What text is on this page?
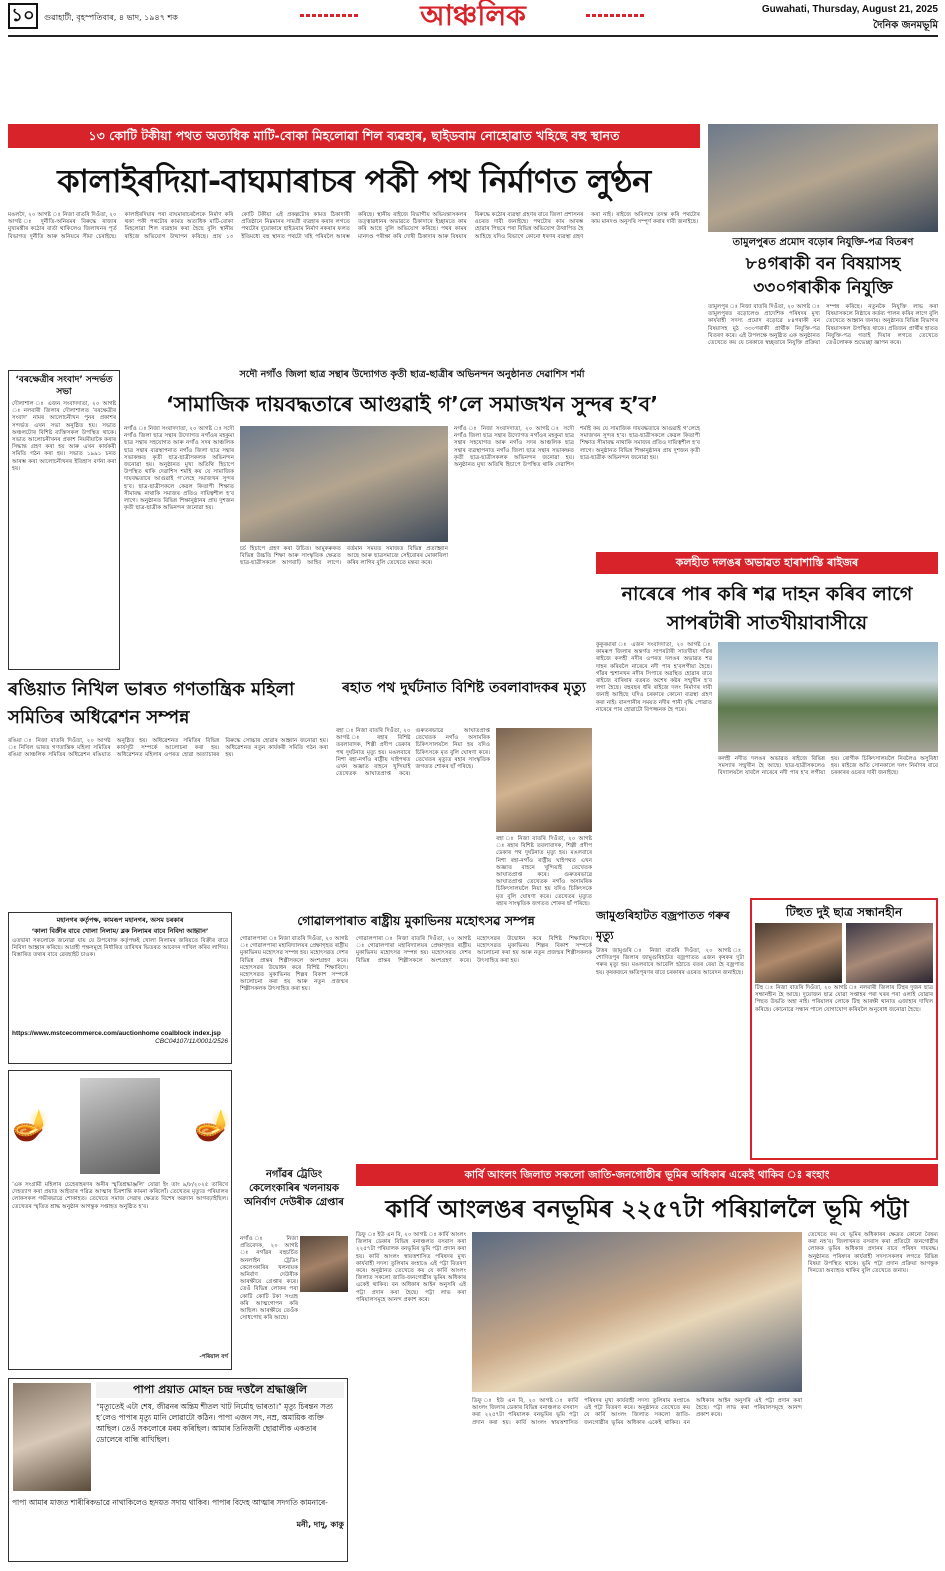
১০	গুৱাহাটী, বৃহস্পতিবাৰ, ৪ ভাদ, ১৯৪৭ শক	আঞ্চলিক	Guwahati, Thursday, August 21, 2025
দৈনিক জনমভূমি
১৩ কোটি টকীয়া পথত অত্যধিক মাটি-বোকা মিহলোৱা শিল ব্যৱহাৰ, ছাইডবাম নোহোৱাত খহিছে বহু স্থানত
কালাইৰদিয়া-বাঘমাৰাচৰ পকী পথ নিৰ্মাণত লুণ্ঠন
মঙলদৈ, ২০ আগষ্ট ঃ নিজা বাতৰি দিওঁতা, ২০ আগষ্ট ঃ দুৰ্নীতি-অনিয়মৰ বিৰুদ্ধে ৰাজ্যৰ মুখ্যমন্ত্ৰীৰ কঠোৰ বাৰ্তা থাকিলেও জিলাখনৰ পূৰ্ত বিভাগত দুৰ্নীতি আৰু অনিয়মে সীমা চেৰাইছে। কালাইৰদিয়াৰ পৰা বাঘমাৰাচৰলৈকে নিৰ্মাণ কৰি থকা পকী পথটোৰ কামত অত্যধিক মাটি-বোকা মিহলোৱা শিল ব্যৱহাৰ কৰা হৈছে বুলি স্থানীয় ৰাইজে অভিযোগ উত্থাপন কৰিছে। প্ৰায় ১৩ কোটি টকীয়া এই প্ৰকল্পটোৰ কামত ঠিকাদাৰী প্ৰতিষ্ঠানে নিম্নমানৰ সামগ্ৰী ব্যৱহাৰ কৰাৰ লগতে পথটোৰ দুয়োকাষে ছাইডবাম নিৰ্মাণ নকৰাৰ ফলত ইতিমধ্যে বহু স্থানত পথটো খহি পৰিবলৈ আৰম্ভ কৰিছে। স্থানীয় ৰাইজে বিভাগীয় অভিযন্তাসকলৰ তত্ত্বাৱধানৰ অভাৱতে ঠিকাদাৰে ইচ্ছামতে কাম কৰি আছে বুলি অভিযোগ কৰিছে। পথৰ কামৰ মানদণ্ড পৰীক্ষা কৰি দোষী ঠিকাদাৰ আৰু বিষয়াৰ বিৰুদ্ধে কঠোৰ ব্যৱস্থা গ্ৰহণৰ বাবে জিলা প্ৰশাসনৰ ওচৰত দাবী জনাইছে। পথটোৰ কাম আৰম্ভ হোৱাৰ পিছৰে পৰা বিভিন্ন অভিযোগ উত্থাপিত হৈ আহিছে যদিও বিভাগে কোনো ধৰণৰ ব্যৱস্থা গ্ৰহণ কৰা নাই। ৰাইজে অবিলম্বে তদন্ত কৰি পথটোৰ কাম মানদণ্ড অনুসৰি সম্পূৰ্ণ কৰাৰ দাবী জনাইছে।
তামুলপুৰত প্ৰমোদ বড়োৰ নিযুক্তি-পত্ৰ বিতৰণ
৮৪গৰাকী বন বিষয়াসহ ৩৩০গৰাকীক নিযুক্তি
তামুলপুৰ ঃ নিজা বাতৰি দিওঁতা, ২০ আগষ্ট ঃ তামুলপুৰত বড়োলেণ্ড প্ৰাদেশিক পৰিষদৰ মুখ্য কাৰ্যবাহী সদস্য প্ৰমোদ বড়োৱে ৮৪গৰাকী বন বিষয়াসহ মুঠ ৩৩০গৰাকী প্ৰাৰ্থীক নিযুক্তি-পত্ৰ বিতৰণ কৰে। এই উপলক্ষে অনুষ্ঠিত এক অনুষ্ঠানত তেখেতে কয় যে চৰকাৰে স্বচ্ছতাৰে নিযুক্তি প্ৰক্ৰিয়া সম্পন্ন কৰিছে। নতুনকৈ নিযুক্তি লাভ কৰা বিষয়াসকলে নিষ্ঠাৰে কৰ্তব্য পালন কৰিব লাগে বুলি তেখেতে আহ্বান জনায়। অনুষ্ঠানত বিভিন্ন বিভাগৰ বিষয়াসকল উপস্থিত থাকে। প্ৰতিজন প্ৰাৰ্থীৰ হাতত নিযুক্তি-পত্ৰ গতাই দিয়াৰ লগতে তেখেতে তেওঁলোকক শুভেচ্ছা জ্ঞাপন কৰে।
‘বৰক্ষেত্ৰীৰ সংবাদ’ সন্দৰ্ভত সভা
দৌলাশাল ঃ এজন সংবাদদাতা, ২০ আগষ্ট ঃ নলবাৰী জিলাৰ দৌলাশালত ‘বৰক্ষেত্ৰীৰ সংবাদ’ নামৰ আলোচনীখন পুনৰ প্ৰকাশৰ সন্দৰ্ভত এখন সভা অনুষ্ঠিত হয়। সভাত অঞ্চলটোৰ বিশিষ্ট ব্যক্তিসকল উপস্থিত থাকে। সভাত আলোচনীখনৰ প্ৰকাশ নিয়মীয়াকৈ কৰাৰ সিদ্ধান্ত গ্ৰহণ কৰা হয় আৰু এখন কাৰ্যকৰী সমিতি গঠন কৰা হয়। সভাত ১৯৯১ চনত আৰম্ভ কৰা আলোচনীখনৰ ইতিহাস বৰ্ণনা কৰা হয়।
সদৌ নগাঁও জিলা ছাত্ৰ সন্থাৰ উদ্যোগত কৃতী ছাত্ৰ-ছাত্ৰীৰ অভিনন্দন অনুষ্ঠানত দেৱাশিস শৰ্মা
‘সামাজিক দায়বদ্ধতাৰে আগুৱাই গ’লে সমাজখন সুন্দৰ হ’ব’
নগাঁও ঃ নিজা সংবাদদাতা, ২০ আগষ্ট ঃ সদৌ নগাঁও জিলা ছাত্ৰ সন্থাৰ উদ্যোগত নগাঁওৰ মহকুমা ছাত্ৰ সন্থাৰ সহযোগত আৰু নগাঁও সদৰ আঞ্চলিক ছাত্ৰ সন্থাৰ ব্যৱস্থাপনাত নগাঁও জিলা ছাত্ৰ সন্থাৰ সভাকক্ষত কৃতী ছাত্ৰ-ছাত্ৰীসকলক অভিনন্দন জনোৱা হয়। অনুষ্ঠানত মুখ্য অতিথি হিচাপে উপস্থিত থাকি দেৱাশিস শৰ্মাই কয় যে সামাজিক দায়বদ্ধতাৰে আগুৱাই গ’লেহে সমাজখন সুন্দৰ হ’ব। ছাত্ৰ-ছাত্ৰীসকলে কেৱল কিতাপী শিক্ষাত সীমাবদ্ধ নাথাকি সমাজৰ প্ৰতিও দায়িত্বশীল হ’ব লাগে। অনুষ্ঠানত বিভিন্ন শিক্ষানুষ্ঠানৰ প্ৰায় দুশজন কৃতী ছাত্ৰ-ছাত্ৰীক অভিনন্দন জনোৱা হয়।
চৰ্চ হিচাপে গ্ৰহণ কৰা উচিত। আমুকৰুকত বিভিন্ন উচ্চতি শিক্ষা আৰু সাংস্কৃতিক ক্ষেত্ৰত ছাত্ৰ-ছাত্ৰীসকলে আগবাঢ়ি আহিব লাগে। বৰ্তমান সময়ত সমাজত বিভিন্ন প্ৰত্যাহ্বান আছে আৰু ছাত্ৰসমাজে সেইবোৰৰ মোকাবিলা কৰিব লাগিব বুলি তেখেতে মন্তব্য কৰে।
নগাঁও ঃ নিজা সংবাদদাতা, ২০ আগষ্ট ঃ সদৌ নগাঁও জিলা ছাত্ৰ সন্থাৰ উদ্যোগত নগাঁওৰ মহকুমা ছাত্ৰ সন্থাৰ সহযোগত আৰু নগাঁও সদৰ আঞ্চলিক ছাত্ৰ সন্থাৰ ব্যৱস্থাপনাত নগাঁও জিলা ছাত্ৰ সন্থাৰ সভাকক্ষত কৃতী ছাত্ৰ-ছাত্ৰীসকলক অভিনন্দন জনোৱা হয়। অনুষ্ঠানত মুখ্য অতিথি হিচাপে উপস্থিত থাকি দেৱাশিস শৰ্মাই কয় যে সামাজিক দায়বদ্ধতাৰে আগুৱাই গ’লেহে সমাজখন সুন্দৰ হ’ব। ছাত্ৰ-ছাত্ৰীসকলে কেৱল কিতাপী শিক্ষাত সীমাবদ্ধ নাথাকি সমাজৰ প্ৰতিও দায়িত্বশীল হ’ব লাগে। অনুষ্ঠানত বিভিন্ন শিক্ষানুষ্ঠানৰ প্ৰায় দুশজন কৃতী ছাত্ৰ-ছাত্ৰীক অভিনন্দন জনোৱা হয়।
কলহীত দলঙৰ অভাৱত হাৰাশাস্তি ৰাইজৰ
নাৰেৰে পাৰ কৰি শৱ দাহন কৰিব লাগে সাপৰটাৰী সাতখীয়াবাসীয়ে
কুকুৰমাৰা ঃ এজন সংবাদদাতা, ২০ আগষ্ট ঃ কামৰূপ জিলাৰ অন্তৰ্গত সাপৰটাৰী সাতখীয়া গাঁৱৰ ৰাইজে কলহী নদীৰ ওপৰত দলঙৰ অভাৱত শৱ দাহন কৰিবলৈ নাৰেৰে নদী পাৰ হ’বলগীয়া হৈছে। গাঁৱৰ শ্মশানখন নদীৰ সিপাৰে অৱস্থিত হোৱাৰ বাবে ৰাইজে বাৰিষাৰ বতৰত অশেষ কষ্টৰ সন্মুখীন হ’ব লগা হৈছে। বহুবছৰ ধৰি ৰাইজে দলং নিৰ্মাণৰ দাবী জনাই আহিছে যদিও চৰকাৰে কোনো ব্যৱস্থা গ্ৰহণ কৰা নাই। বানপানীৰ সময়ত নদীৰ পানী বৃদ্ধি পোৱাত নাৰেৰে পাৰ হোৱাটো বিপজ্জনক হৈ পৰে।
কলহী নদীত দলঙৰ অভাৱত ৰাইজে বিভিন্ন সমস্যাৰ সন্মুখীন হৈ আছে। ছাত্ৰ-ছাত্ৰীসকলেও বিদ্যালয়লৈ যাবলৈ নাৰেৰে নদী পাৰ হ’ব লগীয়া হয়। ৰোগীক চিকিৎসালয়লৈ নিবলৈও অসুবিধা হয়। ৰাইজে অতি সোনকালে দলং নিৰ্মাণৰ বাবে চৰকাৰৰ ওচৰত দাবী জনাইছে।
ৰঙিয়াত নিখিল ভাৰত গণতান্ত্ৰিক মহিলা সমিতিৰ অধিৱেশন সম্পন্ন
ৰঙিয়া ঃ নিজা বাতৰি দিওঁতা, ২০ আগষ্ট ঃ নিখিল ভাৰত গণতান্ত্ৰিক মহিলা সমিতিৰ ৰঙিয়া আঞ্চলিক সমিতিৰ অধিৱেশন ৰঙিয়াত অনুষ্ঠিত হয়। অধিৱেশনত সমিতিৰ বিভিন্ন কাৰ্যসূচী সম্পৰ্কে আলোচনা কৰা হয়। অধিৱেশনত মহিলাৰ ওপৰত হোৱা অত্যাচাৰৰ বিৰুদ্ধে সোচ্চাৰ হোৱাৰ আহ্বান জনোৱা হয়। অধিৱেশনত নতুন কাৰ্যকৰী সমিতি গঠন কৰা হয়।
ৰহাত পথ দুৰ্ঘটনাত বিশিষ্ট তবলাবাদকৰ মৃত্যু
ৰহা ঃ নিজা বাতৰি দিওঁতা, ২০ আগষ্ট ঃ ৰহাৰ বিশিষ্ট তবলাবাদক, শিল্পী প্ৰদীপ ডেকাৰ পথ দুৰ্ঘটনাত মৃত্যু হয়। মঙলবাৰে নিশা ৰহা-নগাঁও ৰাষ্ট্ৰীয় ঘাইপথত এখন অজ্ঞাত বাহনে খুন্দিয়াই তেখেতক আঘাতপ্ৰাপ্ত কৰে। গুৰুতৰভাৱে আঘাতপ্ৰাপ্ত তেখেতক নগাঁও অসামৰিক চিকিৎসালয়লৈ নিয়া হয় যদিও চিকিৎসকে মৃত বুলি ঘোষণা কৰে। তেখেতৰ মৃত্যুত ৰহাৰ সাংস্কৃতিক জগতত শোকৰ ছাঁ পৰিছে।
ৰহা ঃ নিজা বাতৰি দিওঁতা, ২০ আগষ্ট ঃ ৰহাৰ বিশিষ্ট তবলাবাদক, শিল্পী প্ৰদীপ ডেকাৰ পথ দুৰ্ঘটনাত মৃত্যু হয়। মঙলবাৰে নিশা ৰহা-নগাঁও ৰাষ্ট্ৰীয় ঘাইপথত এখন অজ্ঞাত বাহনে খুন্দিয়াই তেখেতক আঘাতপ্ৰাপ্ত কৰে। গুৰুতৰভাৱে আঘাতপ্ৰাপ্ত তেখেতক নগাঁও অসামৰিক চিকিৎসালয়লৈ নিয়া হয় যদিও চিকিৎসকে মৃত বুলি ঘোষণা কৰে। তেখেতৰ মৃত্যুত ৰহাৰ সাংস্কৃতিক জগতত শোকৰ ছাঁ পৰিছে।
মহানগৰ কৰ্তৃপক্ষ, কামৰূপ মহানগৰ, অসম চৰকাৰ
‘কালা বিক্ৰীৰ বাবে খোলা নিলাম/ ব্লক নিলামৰ বাবে নিবিদা আহ্বান’
এতদ্বাৰা সকলোকে জনোৱা যায় যে উপৰোক্ত কৰ্তৃপক্ষই খোলা নিলামৰ জৰিয়তে বিক্ৰীৰ বাবে নিবিদা আহ্বান কৰিছে। আগ্ৰহী পক্ষসমূহে নিৰ্ধাৰিত তাৰিখৰ ভিতৰত আবেদন দাখিল কৰিব লাগিব। বিস্তাৰিত তথ্যৰ বাবে ৱেবছাইট চাওক।
https://www.mstcecommerce.com/auctionhome coalblock index.jsp
CBC04107/11/0001/2526
গোৱালপাৰাত ৰাষ্ট্ৰীয় মুকাভিনয় মহোৎসৱ সম্পন্ন
গোৱালপাৰা ঃ নিজা বাতৰি দিওঁতা, ২০ আগষ্ট ঃ গোৱালপাৰা মহাবিদ্যালয়ৰ প্ৰেক্ষাগৃহত ৰাষ্ট্ৰীয় মুকাভিনয় মহোৎসৱ সম্পন্ন হয়। মহোৎসৱত দেশৰ বিভিন্ন প্ৰান্তৰ শিল্পীসকলে অংশগ্ৰহণ কৰে। মহোৎসৱৰ উদ্বোধন কৰে বিশিষ্ট শিক্ষাবিদে। মহোৎসৱত মুকাভিনয় শিল্পৰ বিকাশ সম্পৰ্কে আলোচনা কৰা হয় আৰু নতুন প্ৰজন্মৰ শিল্পীসকলক উৎসাহিত কৰা হয়।
গোৱালপাৰা ঃ নিজা বাতৰি দিওঁতা, ২০ আগষ্ট ঃ গোৱালপাৰা মহাবিদ্যালয়ৰ প্ৰেক্ষাগৃহত ৰাষ্ট্ৰীয় মুকাভিনয় মহোৎসৱ সম্পন্ন হয়। মহোৎসৱত দেশৰ বিভিন্ন প্ৰান্তৰ শিল্পীসকলে অংশগ্ৰহণ কৰে। মহোৎসৱৰ উদ্বোধন কৰে বিশিষ্ট শিক্ষাবিদে। মহোৎসৱত মুকাভিনয় শিল্পৰ বিকাশ সম্পৰ্কে আলোচনা কৰা হয় আৰু নতুন প্ৰজন্মৰ শিল্পীসকলক উৎসাহিত কৰা হয়।
নগাঁৱৰ ট্ৰেডিং কেলেংকাৰিৰ খলনায়ক অনিৰ্বাণ দেউৰীক গ্ৰেপ্তাৰ
নগাঁও ঃ নিজা প্ৰতিবেদক, ২০ আগষ্ট ঃ নগাঁৱৰ বহুচৰ্চিত অনলাইন ট্ৰেডিং কেলেংকাৰিৰ খলনায়ক অনিৰ্বাণ দেউৰীক আৰক্ষীয়ে গ্ৰেপ্তাৰ কৰে। তেওঁ বিভিন্ন লোকৰ পৰা কোটি কোটি টকা সংগ্ৰহ কৰি আত্মগোপন কৰি আছিল। আৰক্ষীয়ে তেওঁক সোধপোছ কৰি আছে।
জামুগুৰিহাটত বজ্ৰপাতত গৰুৰ মৃত্যু
উত্তৰ জামুগুৰি ঃ নিজা বাতৰি দিওঁতা, ২০ আগষ্ট ঃ শোণিতপুৰ জিলাৰ জামুগুৰিহাটত বজ্ৰপাতত এজন কৃষকৰ দুটা গৰুৰ মৃত্যু হয়। মঙলবাৰে আবেলি হঠাতে বতৰ বেয়া হৈ বজ্ৰপাত হয়। কৃষকজনে ক্ষতিপূৰণৰ বাবে চৰকাৰৰ ওচৰত আবেদন জনাইছে।
টিহুত দুই ছাত্ৰ সন্ধানহীন
টিহু ঃ নিজা বাতৰি দিওঁতা, ২০ আগষ্ট ঃ নলবাৰী জিলাৰ টিহুৰ দুজন ছাত্ৰ সন্ধানহীন হৈ আছে। দুয়োজন ছাত্ৰ যোৱা সপ্তাহৰ পৰা ঘৰৰ পৰা ওলাই যোৱাৰ পিছত উভতি অহা নাই। পৰিয়ালৰ লোকে টিহু আৰক্ষী থানাত এজাহাৰ দাখিল কৰিছে। কোনোৱে সন্ধান পালে যোগাযোগ কৰিবলৈ অনুৰোধ জনোৱা হৈছে।
🪔	🪔
‘এক সংগ্ৰামী মহিলাৰ চেহেৰাহৰণৰ অনীৰ স্মৃতিশ্ৰদ্ধাঞ্জলি’ যোৱা ইং তাং ৯/৮/২০২৫ তাৰিখে দেহত্যাগ কৰা প্ৰয়াত আইতাৰ পৱিত্ৰ আত্মাৰ চিৰশান্তি কামনা কৰিলোঁ। তেখেতৰ মৃত্যুত পৰিয়ালৰ লোকসকল গভীৰভাৱে শোকাহত। তেখেতে সমাজ সেৱাৰ ক্ষেত্ৰত বিশেষ অৱদান আগবঢ়াইছিল। তেখেতৰ স্মৃতিত শ্ৰাদ্ধ অনুষ্ঠান আগন্তুক সপ্তাহত অনুষ্ঠিত হ’ব।
-পৰিয়াল বৰ্গ
কাৰ্বি আংলং জিলাত সকলো জাতি-জনগোষ্ঠীৰ ভূমিৰ অধিকাৰ একেই থাকিব ঃ ৰংহাং
কাৰ্বি আংলঙৰ বনভূমিৰ ২২৫৭টা পৰিয়াললৈ ভূমি পট্টা
ডিফু ঃ ইউ এন বি, ২০ আগষ্ট ঃ কাৰ্বি আংলং জিলাৰ ডেকাৰ বিভিন্ন বনাঞ্চলত বসবাস কৰা ২২৫৭টা পৰিয়ালক বনভূমিৰ ভূমি পট্টা প্ৰদান কৰা হয়। কাৰ্বি আংলং স্বায়ত্তশাসিত পৰিষদৰ মুখ্য কাৰ্যবাহী সদস্য তুলিৰাম ৰংহাঙে এই পট্টা বিতৰণ কৰে। অনুষ্ঠানত তেখেতে কয় যে কাৰ্বি আংলং জিলাত সকলো জাতি-জনগোষ্ঠীৰ ভূমিৰ অধিকাৰ একেই থাকিব। বন অধিকাৰ আইন অনুসৰি এই পট্টা প্ৰদান কৰা হৈছে। পট্টা লাভ কৰা পৰিয়ালসমূহে আনন্দ প্ৰকাশ কৰে।
ডিফু ঃ ইউ এন বি, ২০ আগষ্ট ঃ কাৰ্বি আংলং জিলাৰ ডেকাৰ বিভিন্ন বনাঞ্চলত বসবাস কৰা ২২৫৭টা পৰিয়ালক বনভূমিৰ ভূমি পট্টা প্ৰদান কৰা হয়। কাৰ্বি আংলং স্বায়ত্তশাসিত পৰিষদৰ মুখ্য কাৰ্যবাহী সদস্য তুলিৰাম ৰংহাঙে এই পট্টা বিতৰণ কৰে। অনুষ্ঠানত তেখেতে কয় যে কাৰ্বি আংলং জিলাত সকলো জাতি-জনগোষ্ঠীৰ ভূমিৰ অধিকাৰ একেই থাকিব। বন অধিকাৰ আইন অনুসৰি এই পট্টা প্ৰদান কৰা হৈছে। পট্টা লাভ কৰা পৰিয়ালসমূহে আনন্দ প্ৰকাশ কৰে।
তেখেতে কয় যে ভূমিৰ অধিকাৰৰ ক্ষেত্ৰত কোনো বৈষম্য কৰা নহ’ব। জিলাখনত বসবাস কৰা প্ৰতিটো জনগোষ্ঠীৰ লোকক ভূমিৰ অধিকাৰ প্ৰদানৰ বাবে পৰিষদ দায়বদ্ধ। অনুষ্ঠানত পৰিষদৰ কাৰ্যবাহী সদস্যসকলৰ লগতে বিভিন্ন বিষয়া উপস্থিত থাকে। ভূমি পট্টা প্ৰদান প্ৰক্ৰিয়া আগন্তুক দিনতো অব্যাহত থাকিব বুলি তেখেতে জনায়।
পাপা প্ৰয়াত মোহন চন্দ্ৰ দত্তলৈ শ্ৰদ্ধাঞ্জলি
“মৃত্যুতেই এটা শেষ, জীৱনৰ অন্তিম শীতল খাট নিৰ্মোহ ভাৰতা।” মৃত্যু চিৰন্তন সত্য হ’লেও পাপাৰ মৃত্যু মানি লোৱাটো কঠিন। পাপা এজন সৎ, নম্ৰ, অমায়িক ব্যক্তি আছিল। তেওঁ সকলোৰে মৰম কৰিছিল। আমাৰ তিনিজনী ছোৱালীক একতাৰ ডোলেৰে বান্ধি ৰাখিছিল।
পাপা আমাৰ মাজত শাৰীৰিকভাৱে নাথাকিলেও হৃদয়ত সদায় থাকিব। পাপাৰ বিদেহ আত্মাৰ সদগতি কামনাৰে-
মনী, দাদু, কাকু
